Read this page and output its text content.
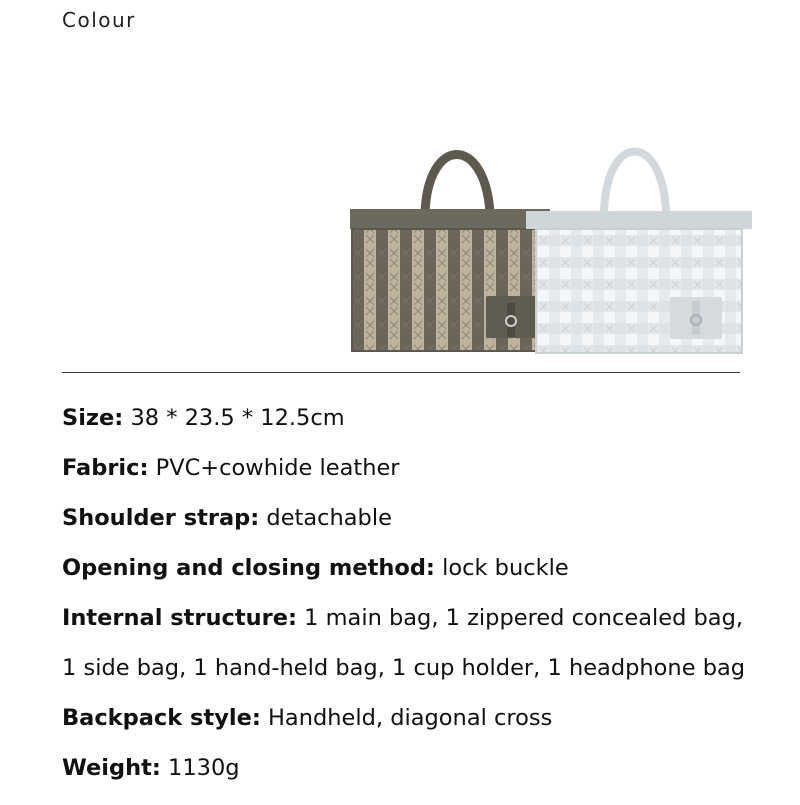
Colour
Size: 38 * 23.5 * 12.5cm
Fabric: PVC+cowhide leather
Shoulder strap: detachable
Opening and closing method: lock buckle
Internal structure: 1 main bag, 1 zippered concealed bag,
1 side bag, 1 hand-held bag, 1 cup holder, 1 headphone bag
Backpack style: Handheld, diagonal cross
Weight: 1130g
